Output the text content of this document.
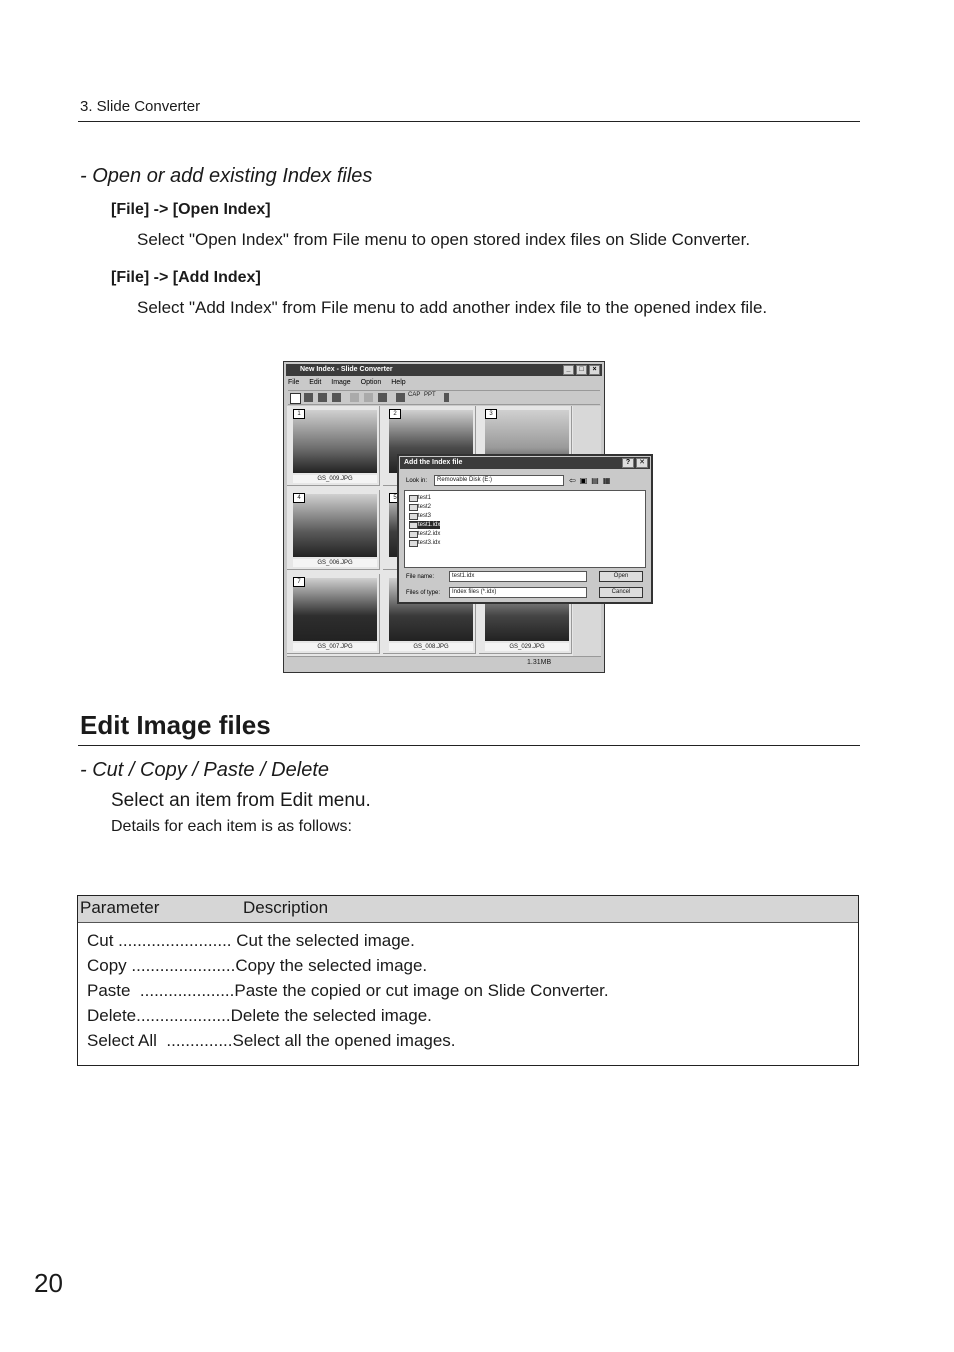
3. Slide Converter
- Open or add existing Index files
[File] -> [Open Index]
Select "Open Index" from File menu to open stored index files on Slide Converter.
[File] -> [Add Index]
Select "Add Index" from File menu to add another index file to the opened index file.
New Index - Slide Converter	_	□	×
File Edit Image Option Help
CAP PPT
1
GS_009.JPG
2	3
4
GS_006.JPG
5
7
GS_007.JPG	GS_008.JPG	GS_029.JPG
1.31MB
Add the Index file	?	✕
Look in:	Removable Disk (E:)	⇦▣▤▦
test1
test2
test3
test1.idx
test2.idx
test3.idx
File name:	test1.idx
Files of type:	Index files (*.idx)
Open
Cancel
Edit Image files
- Cut / Copy / Paste / Delete
Select an item from Edit menu.
Details for each item is as follows:
Parameter	Description
Cut ........................ Cut the selected image.
Copy ......................Copy the selected image.
Paste  ....................Paste the copied or cut image on Slide Converter.
Delete....................Delete the selected image.
Select All  ..............Select all the opened images.
20
